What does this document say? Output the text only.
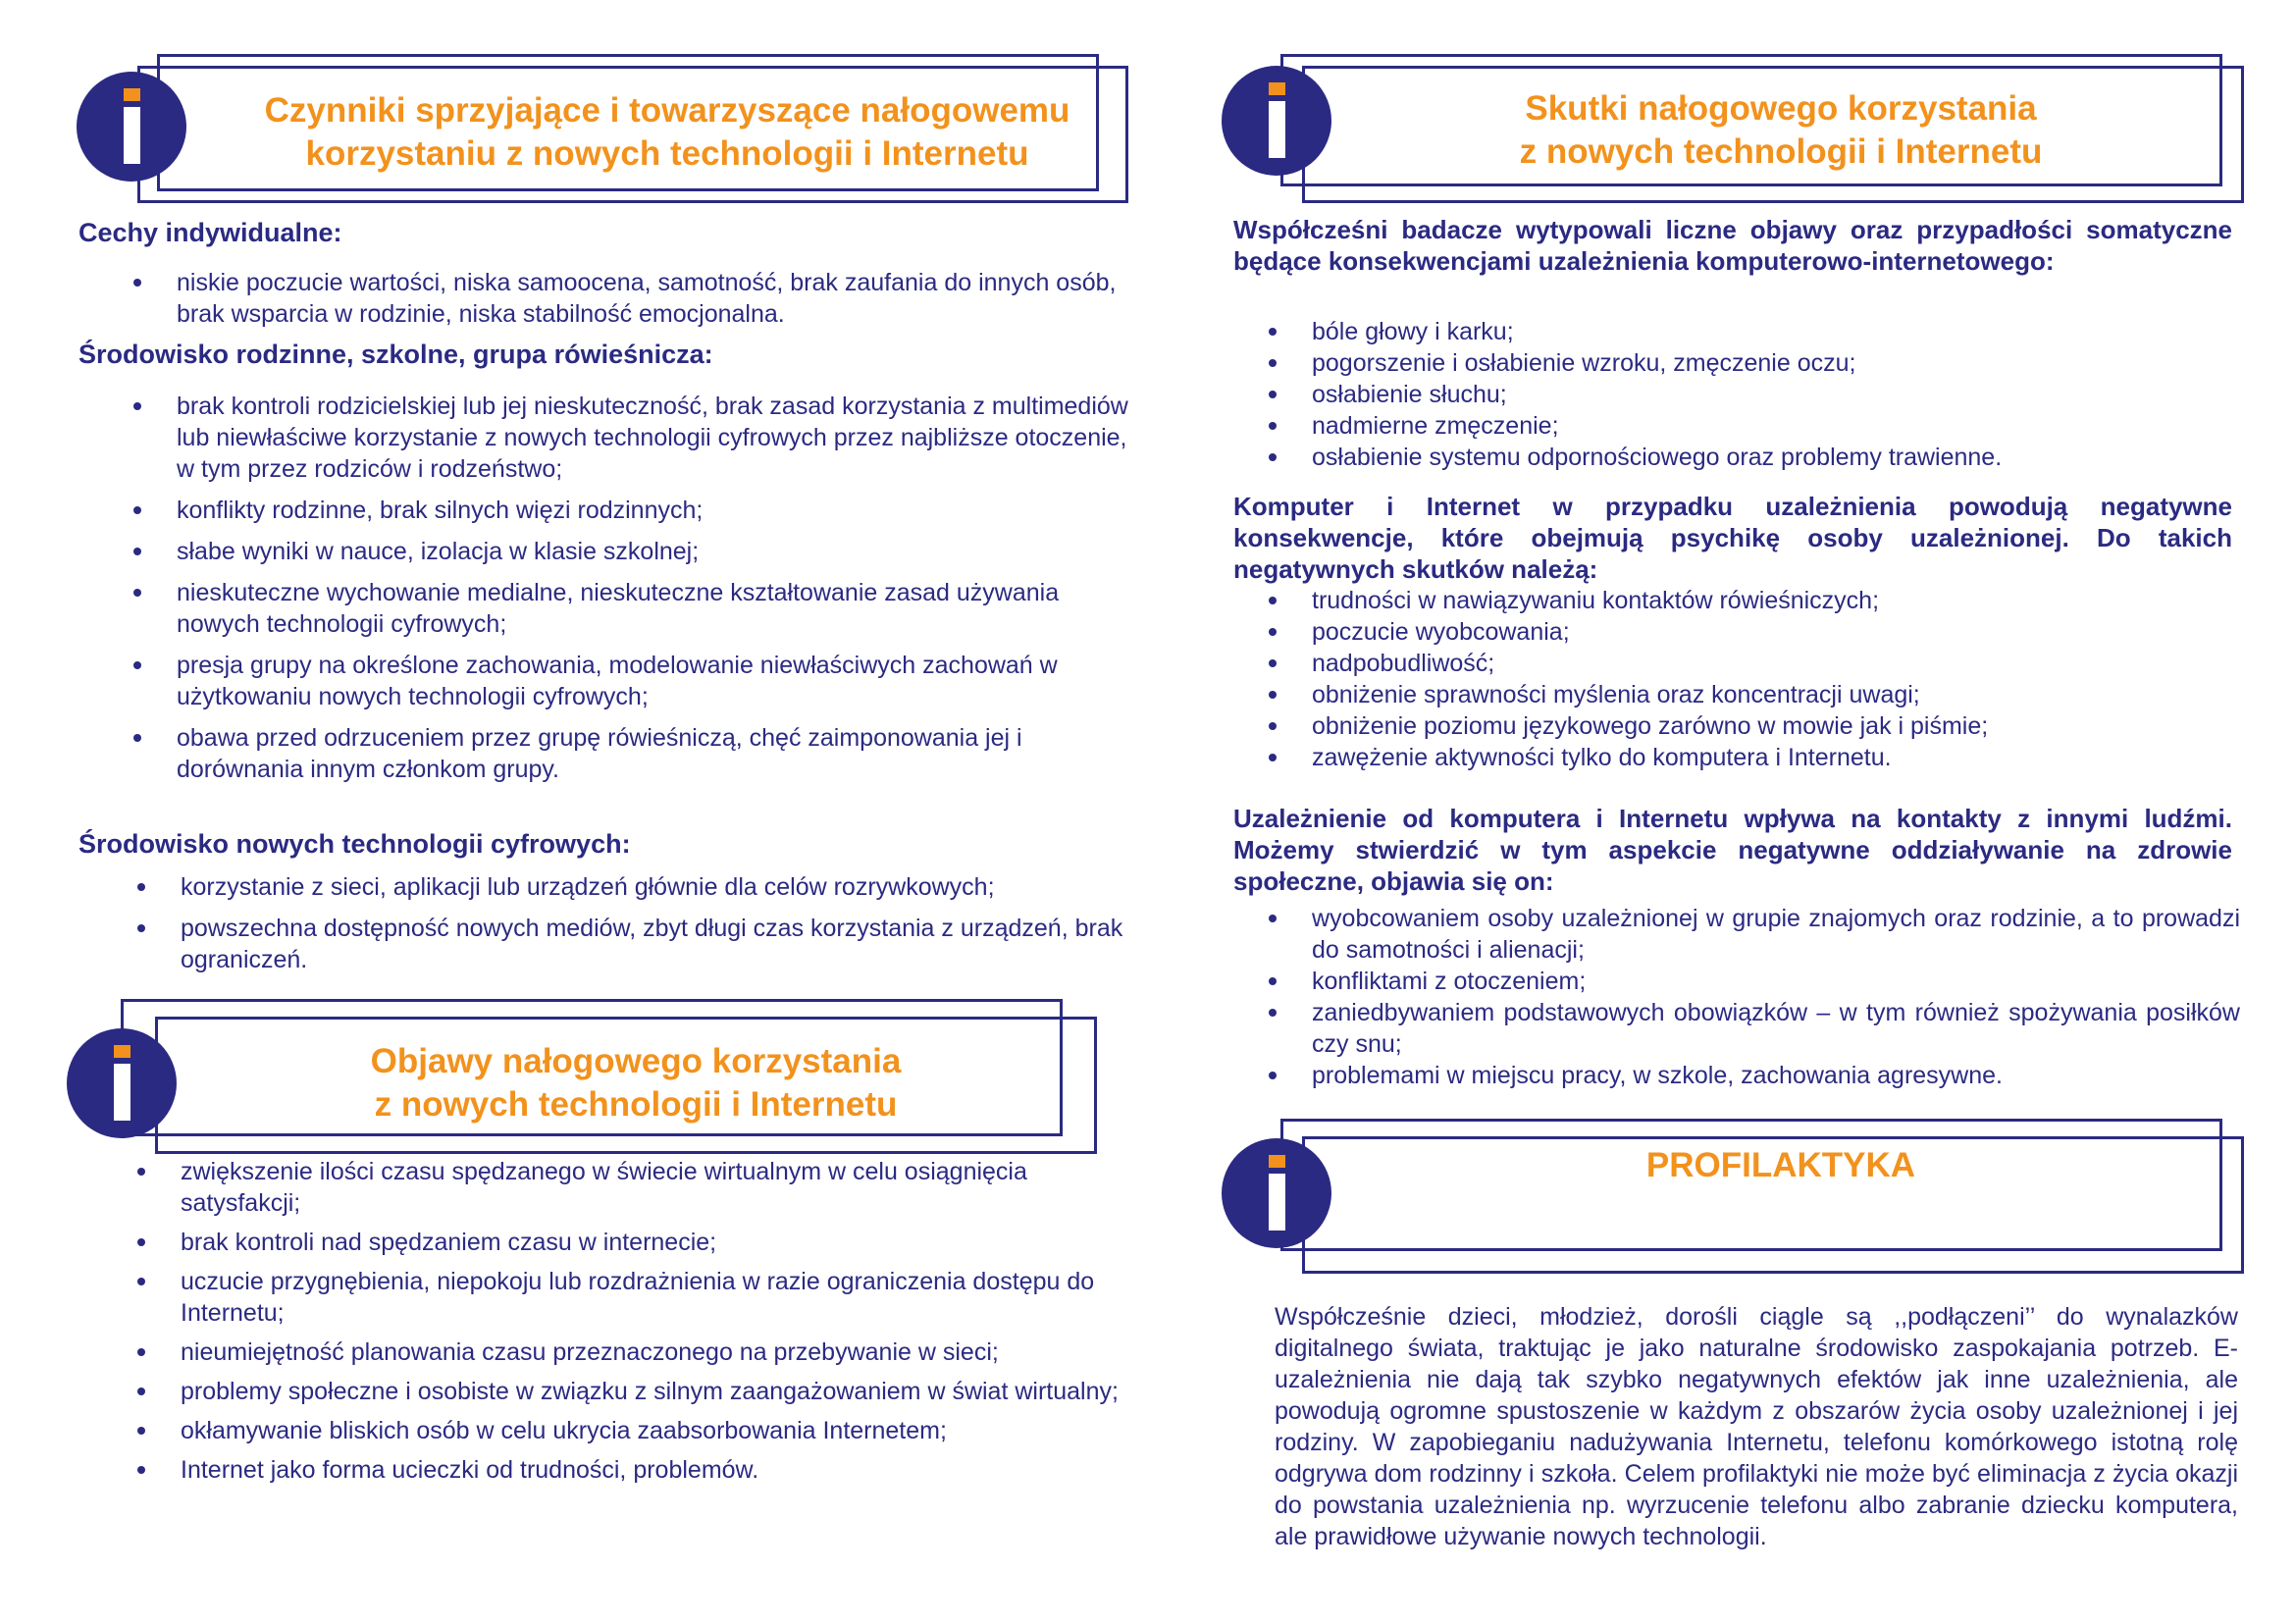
Czynniki sprzyjające i towarzyszące nałogowemu
korzystaniu z nowych technologii i Internetu

Cechy indywidualne:

niskie poczucie wartości, niska samoocena, samotność, brak zaufania do innych osób, brak wsparcia w rodzinie, niska stabilność emocjonalna.

Środowisko rodzinne, szkolne, grupa rówieśnicza:

brak kontroli rodzicielskiej lub jej nieskuteczność, brak zasad korzystania z multimediów lub niewłaściwe korzystanie z nowych technologii cyfrowych przez najbliższe otoczenie, w tym przez rodziców i rodzeństwo;
konflikty rodzinne, brak silnych więzi rodzinnych;
słabe wyniki w nauce, izolacja w klasie szkolnej;
nieskuteczne wychowanie medialne, nieskuteczne kształtowanie zasad używania nowych technologii cyfrowych;
presja grupy na określone zachowania, modelowanie niewłaściwych zachowań w użytkowaniu nowych technologii cyfrowych;
obawa przed odrzuceniem przez grupę rówieśniczą, chęć zaimponowania jej i dorównania innym członkom grupy.

Środowisko nowych technologii cyfrowych:

korzystanie z sieci, aplikacji lub urządzeń głównie dla celów rozrywkowych;
powszechna dostępność nowych mediów, zbyt długi czas korzystania z urządzeń, brak ograniczeń.
Objawy nałogowego korzystania
z nowych technologii i Internetu
zwiększenie ilości czasu spędzanego w świecie wirtualnym w celu osiągnięcia satysfakcji;
brak kontroli nad spędzaniem czasu w internecie;
uczucie przygnębienia, niepokoju lub rozdrażnienia w razie ograniczenia dostępu do Internetu;
nieumiejętność planowania czasu przeznaczonego na przebywanie w sieci;
problemy społeczne i osobiste w związku z silnym zaangażowaniem w świat wirtualny;
okłamywanie bliskich osób w celu ukrycia zaabsorbowania Internetem;
Internet jako forma ucieczki od trudności, problemów.
Skutki nałogowego korzystania
z nowych technologii i Internetu

Współcześni badacze wytypowali liczne objawy oraz przypadłości somatyczne będące konsekwencjami uzależnienia komputerowo-internetowego:

bóle głowy i karku;
pogorszenie i osłabienie wzroku, zmęczenie oczu;
osłabienie słuchu;
nadmierne zmęczenie;
osłabienie systemu odpornościowego oraz problemy trawienne.

Komputer i Internet w przypadku uzależnienia powodują negatywne konsekwencje, które obejmują psychikę osoby uzależnionej. Do takich negatywnych skutków należą:

trudności w nawiązywaniu kontaktów rówieśniczych;
poczucie wyobcowania;
nadpobudliwość;
obniżenie sprawności myślenia oraz koncentracji uwagi;
obniżenie poziomu językowego zarówno w mowie jak i piśmie;
zawężenie aktywności tylko do komputera i Internetu.

Uzależnienie od komputera i Internetu wpływa na kontakty z innymi ludźmi. Możemy stwierdzić w tym aspekcie negatywne oddziaływanie na zdrowie społeczne, objawia się on:

wyobcowaniem osoby uzależnionej w grupie znajomych oraz rodzinie, a to prowadzi do samotności i alienacji;
konfliktami z otoczeniem;
zaniedbywaniem podstawowych obowiązków – w tym również spożywania posiłków czy snu;
problemami w miejscu pracy, w szkole, zachowania agresywne.
PROFILAKTYKA

Współcześnie dzieci, młodzież, dorośli ciągle są ,,podłączeni’’ do wynalazków digitalnego świata, traktując je jako naturalne środowisko zaspokajania potrzeb. E-uzależnienia nie dają tak szybko negatywnych efektów jak inne uzależnienia, ale powodują ogromne spustoszenie w każdym z obszarów życia osoby uzależnionej i jej rodziny. W zapobieganiu nadużywania Internetu, telefonu komórkowego istotną rolę odgrywa dom rodzinny i szkoła. Celem profilaktyki nie może być eliminacja z życia okazji do powstania uzależnienia np. wyrzucenie telefonu albo zabranie dziecku komputera, ale prawidłowe używanie nowych technologii.
